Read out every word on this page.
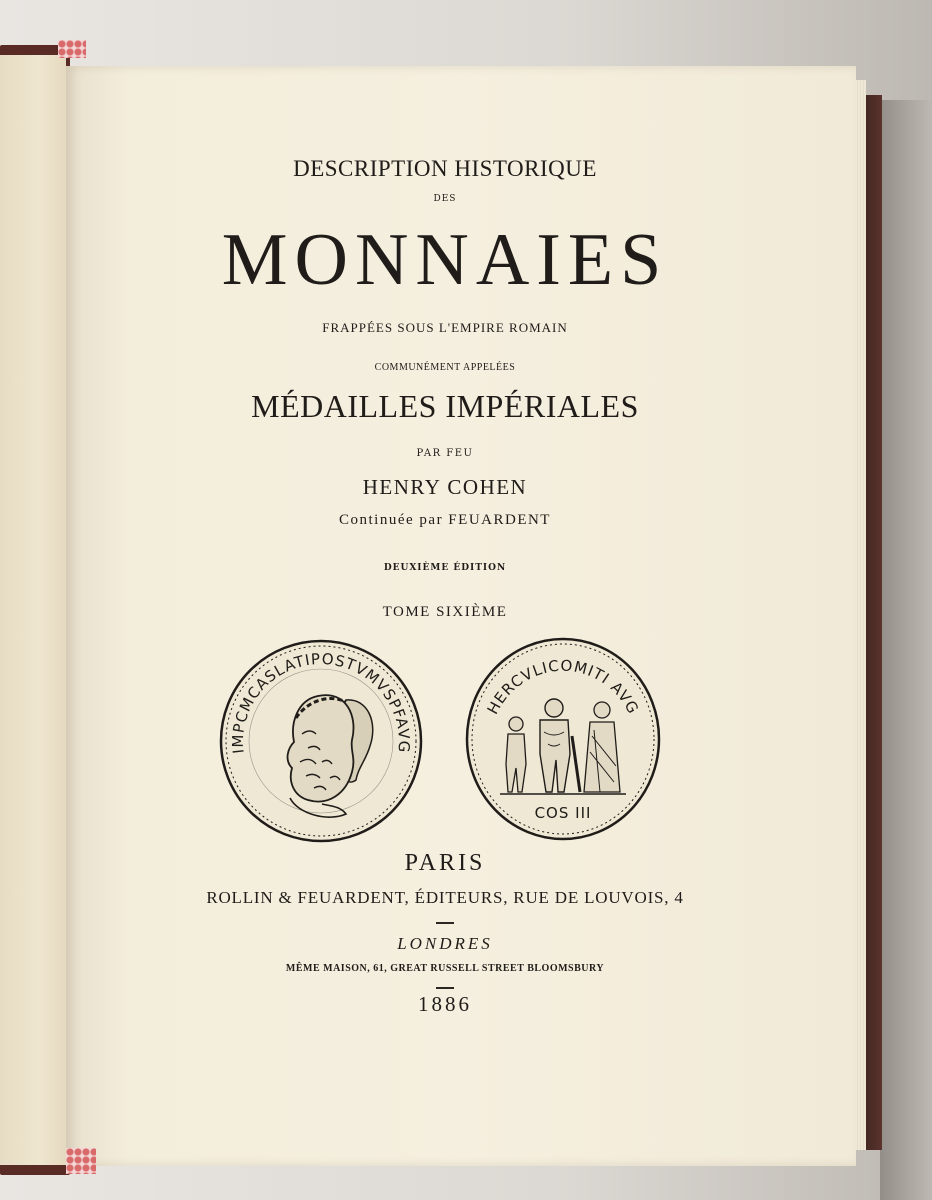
DESCRIPTION HISTORIQUE
DES
MONNAIES
FRAPPÉES SOUS L'EMPIRE ROMAIN
COMMUNÉMENT APPELÉES
MÉDAILLES IMPÉRIALES
PAR FEU
HENRY COHEN
Continuée par FEUARDENT
DEUXIÈME ÉDITION
TOME SIXIÈME
IMPCMCASLATIPOSTVMVSPFAVG
HERCVLICOMITI AVG
COS III
PARIS
ROLLIN & FEUARDENT, ÉDITEURS, RUE DE LOUVOIS, 4
LONDRES
MÊME MAISON, 61, GREAT RUSSELL STREET BLOOMSBURY
1886
